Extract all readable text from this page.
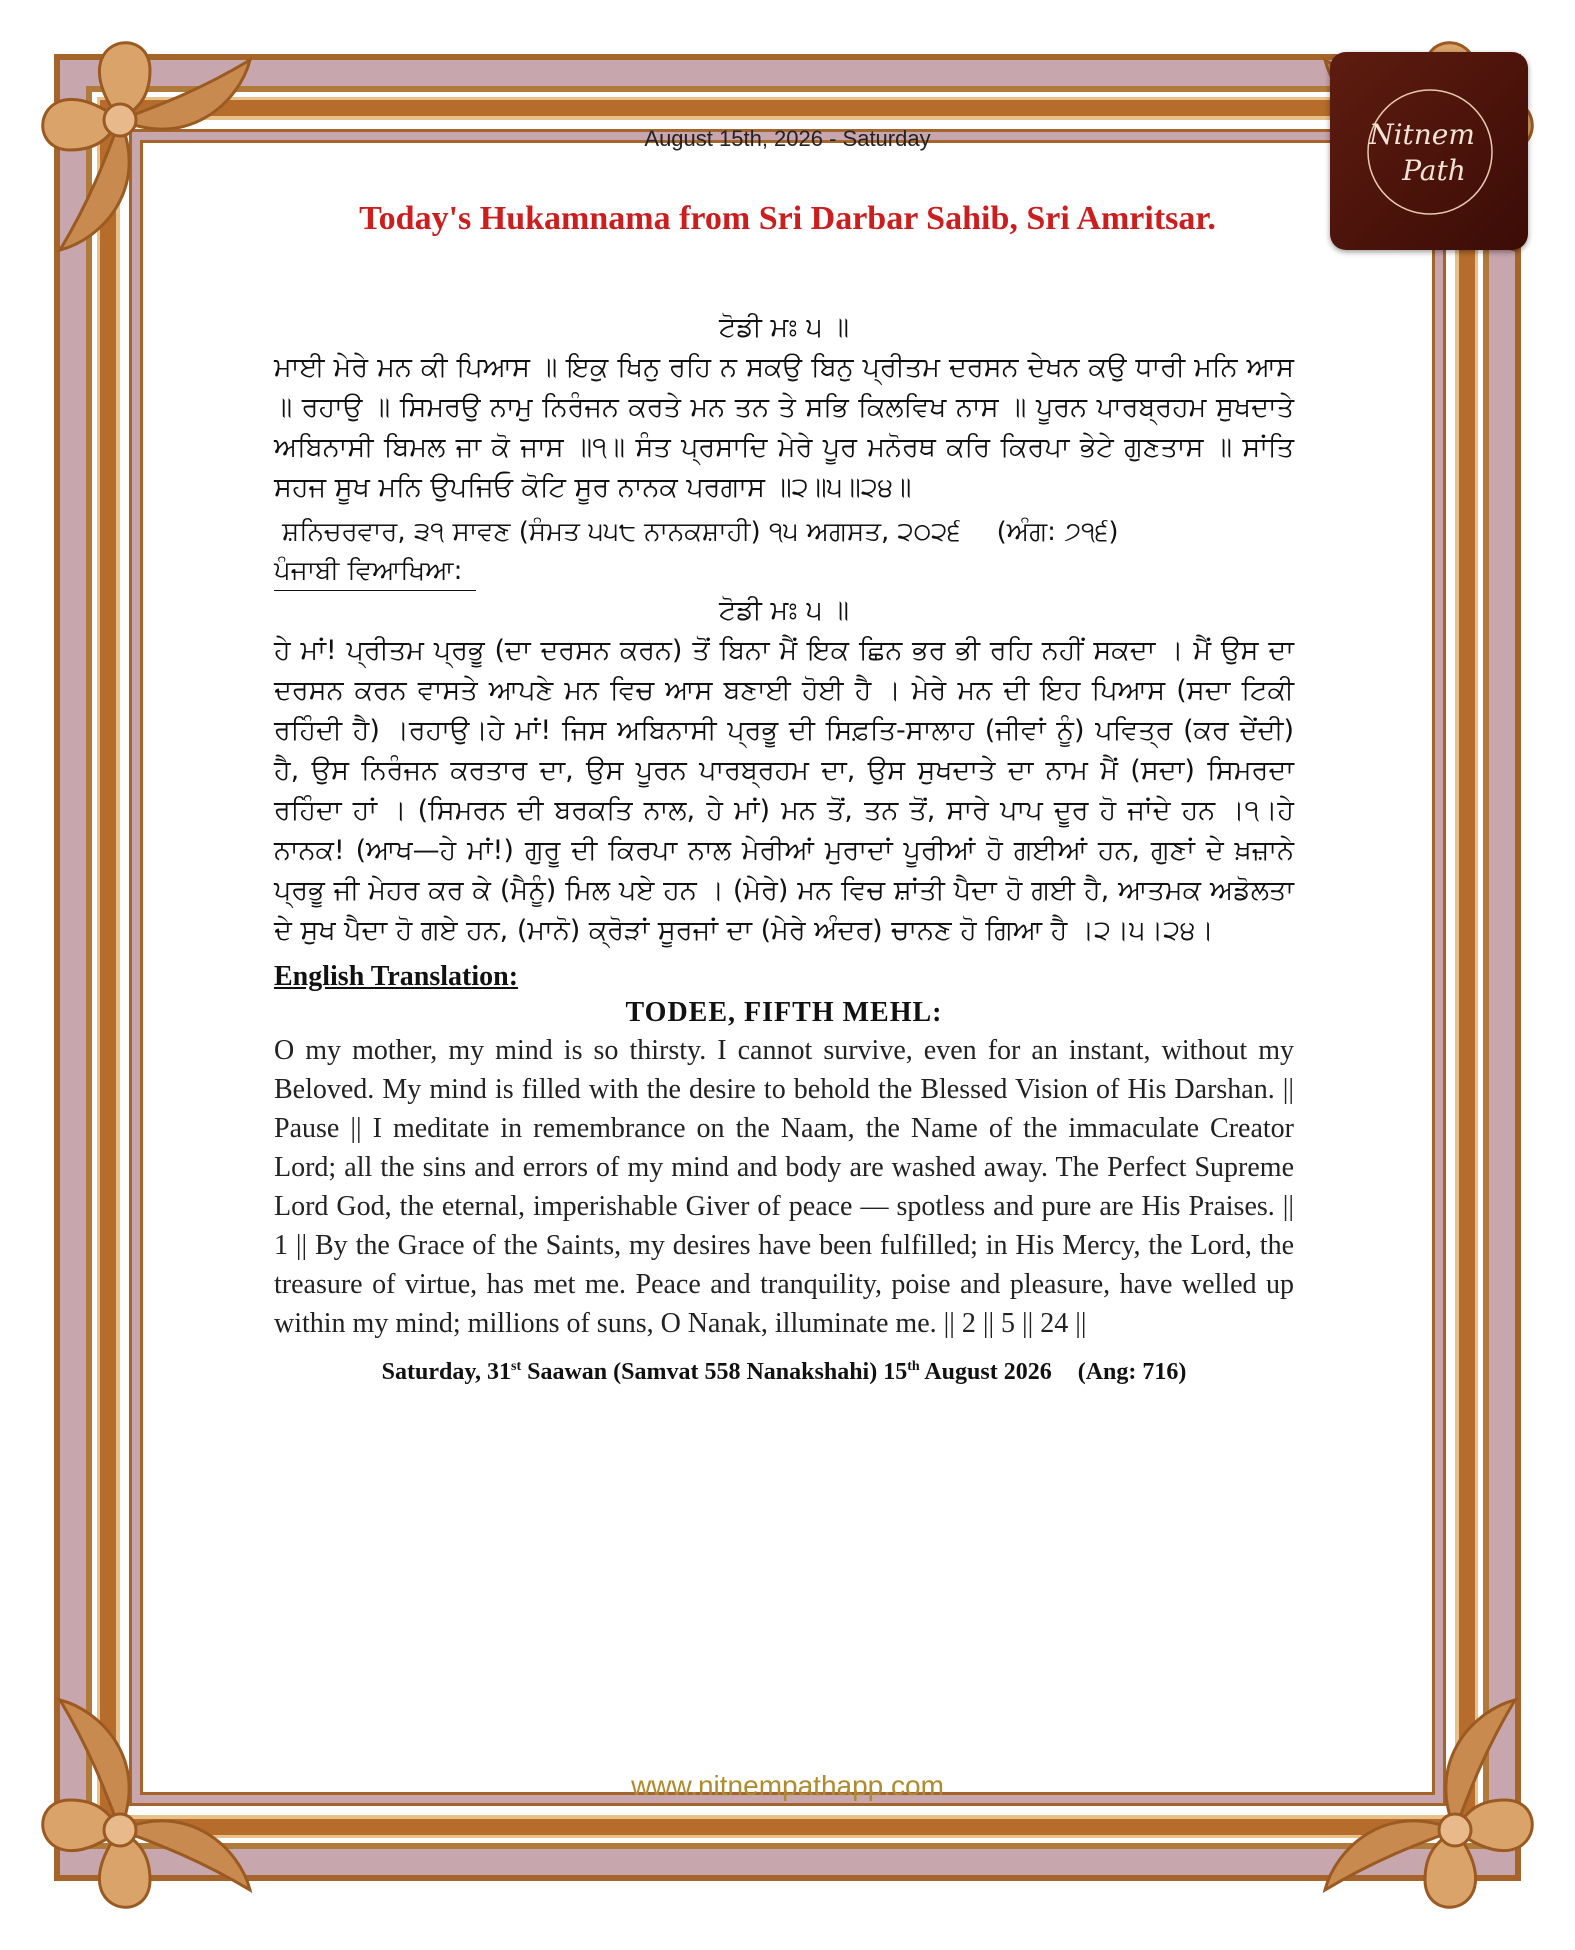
Nitnem
Path
August 15th, 2026 - Saturday
Today's Hukamnama from Sri Darbar Sahib, Sri Amritsar.

ਟੋਡੀ ਮਃ ੫ ॥

ਮਾਈ ਮੇਰੇ ਮਨ ਕੀ ਪਿਆਸ ॥ ਇਕੁ ਖਿਨੁ ਰਹਿ ਨ ਸਕਉ ਬਿਨੁ ਪ੍ਰੀਤਮ ਦਰਸਨ ਦੇਖਨ ਕਉ ਧਾਰੀ ਮਨਿ ਆਸ ॥ ਰਹਾਉ ॥ ਸਿਮਰਉ ਨਾਮੁ ਨਿਰੰਜਨ ਕਰਤੇ ਮਨ ਤਨ ਤੇ ਸਭਿ ਕਿਲਵਿਖ ਨਾਸ ॥ ਪੂਰਨ ਪਾਰਬ੍ਰਹਮ ਸੁਖਦਾਤੇ ਅਬਿਨਾਸੀ ਬਿਮਲ ਜਾ ਕੋ ਜਾਸ ॥੧॥ ਸੰਤ ਪ੍ਰਸਾਦਿ ਮੇਰੇ ਪੂਰ ਮਨੋਰਥ ਕਰਿ ਕਿਰਪਾ ਭੇਟੇ ਗੁਣਤਾਸ ॥ ਸਾਂਤਿ ਸਹਜ ਸੂਖ ਮਨਿ ਉਪਜਿਓ ਕੋਟਿ ਸੂਰ ਨਾਨਕ ਪਰਗਾਸ ॥੨॥੫॥੨੪॥

ਸ਼ਨਿਚਰਵਾਰ, ੩੧ ਸਾਵਣ (ਸੰਮਤ ੫੫੮ ਨਾਨਕਸ਼ਾਹੀ) ੧੫ ਅਗਸਤ, ੨੦੨੬ (ਅੰਗ: ੭੧੬)

ਪੰਜਾਬੀ ਵਿਆਖਿਆ:

ਟੋਡੀ ਮਃ ੫ ॥

ਹੇ ਮਾਂ! ਪ੍ਰੀਤਮ ਪ੍ਰਭੂ (ਦਾ ਦਰਸਨ ਕਰਨ) ਤੋਂ ਬਿਨਾ ਮੈਂ ਇਕ ਛਿਨ ਭਰ ਭੀ ਰਹਿ ਨਹੀਂ ਸਕਦਾ । ਮੈਂ ਉਸ ਦਾ ਦਰਸਨ ਕਰਨ ਵਾਸਤੇ ਆਪਣੇ ਮਨ ਵਿਚ ਆਸ ਬਣਾਈ ਹੋਈ ਹੈ । ਮੇਰੇ ਮਨ ਦੀ ਇਹ ਪਿਆਸ (ਸਦਾ ਟਿਕੀ ਰਹਿੰਦੀ ਹੈ) ।ਰਹਾਉ।ਹੇ ਮਾਂ! ਜਿਸ ਅਬਿਨਾਸੀ ਪ੍ਰਭੂ ਦੀ ਸਿਫ਼ਤਿ-ਸਾਲਾਹ (ਜੀਵਾਂ ਨੂੰ) ਪਵਿਤ੍ਰ (ਕਰ ਦੇਂਦੀ) ਹੈ, ਉਸ ਨਿਰੰਜਨ ਕਰਤਾਰ ਦਾ, ਉਸ ਪੂਰਨ ਪਾਰਬ੍ਰਹਮ ਦਾ, ਉਸ ਸੁਖਦਾਤੇ ਦਾ ਨਾਮ ਮੈਂ (ਸਦਾ) ਸਿਮਰਦਾ ਰਹਿੰਦਾ ਹਾਂ । (ਸਿਮਰਨ ਦੀ ਬਰਕਤਿ ਨਾਲ, ਹੇ ਮਾਂ) ਮਨ ਤੋਂ, ਤਨ ਤੋਂ, ਸਾਰੇ ਪਾਪ ਦੂਰ ਹੋ ਜਾਂਦੇ ਹਨ ।੧।ਹੇ ਨਾਨਕ! (ਆਖ—ਹੇ ਮਾਂ!) ਗੁਰੂ ਦੀ ਕਿਰਪਾ ਨਾਲ ਮੇਰੀਆਂ ਮੁਰਾਦਾਂ ਪੂਰੀਆਂ ਹੋ ਗਈਆਂ ਹਨ, ਗੁਣਾਂ ਦੇ ਖ਼ਜ਼ਾਨੇ ਪ੍ਰਭੂ ਜੀ ਮੇਹਰ ਕਰ ਕੇ (ਮੈਨੂੰ) ਮਿਲ ਪਏ ਹਨ । (ਮੇਰੇ) ਮਨ ਵਿਚ ਸ਼ਾਂਤੀ ਪੈਦਾ ਹੋ ਗਈ ਹੈ, ਆਤਮਕ ਅਡੋਲਤਾ ਦੇ ਸੁਖ ਪੈਦਾ ਹੋ ਗਏ ਹਨ, (ਮਾਨੋ) ਕ੍ਰੋੜਾਂ ਸੂਰਜਾਂ ਦਾ (ਮੇਰੇ ਅੰਦਰ) ਚਾਨਣ ਹੋ ਗਿਆ ਹੈ ।੨।੫।੨੪।

English Translation:

TODEE, FIFTH MEHL:

O my mother, my mind is so thirsty. I cannot survive, even for an instant, without my Beloved. My mind is filled with the desire to behold the Blessed Vision of His Darshan. || Pause || I meditate in remembrance on the Naam, the Name of the immaculate Creator Lord; all the sins and errors of my mind and body are washed away. The Perfect Supreme Lord God, the eternal, imperishable Giver of peace — spotless and pure are His Praises. || 1 || By the Grace of the Saints, my desires have been fulfilled; in His Mercy, the Lord, the treasure of virtue, has met me. Peace and tranquility, poise and pleasure, have welled up within my mind; millions of suns, O Nanak, illuminate me. || 2 || 5 || 24 ||

Saturday, 31st Saawan (Samvat 558 Nanakshahi) 15th August 2026 (Ang: 716)
www.nitnempathapp.com
